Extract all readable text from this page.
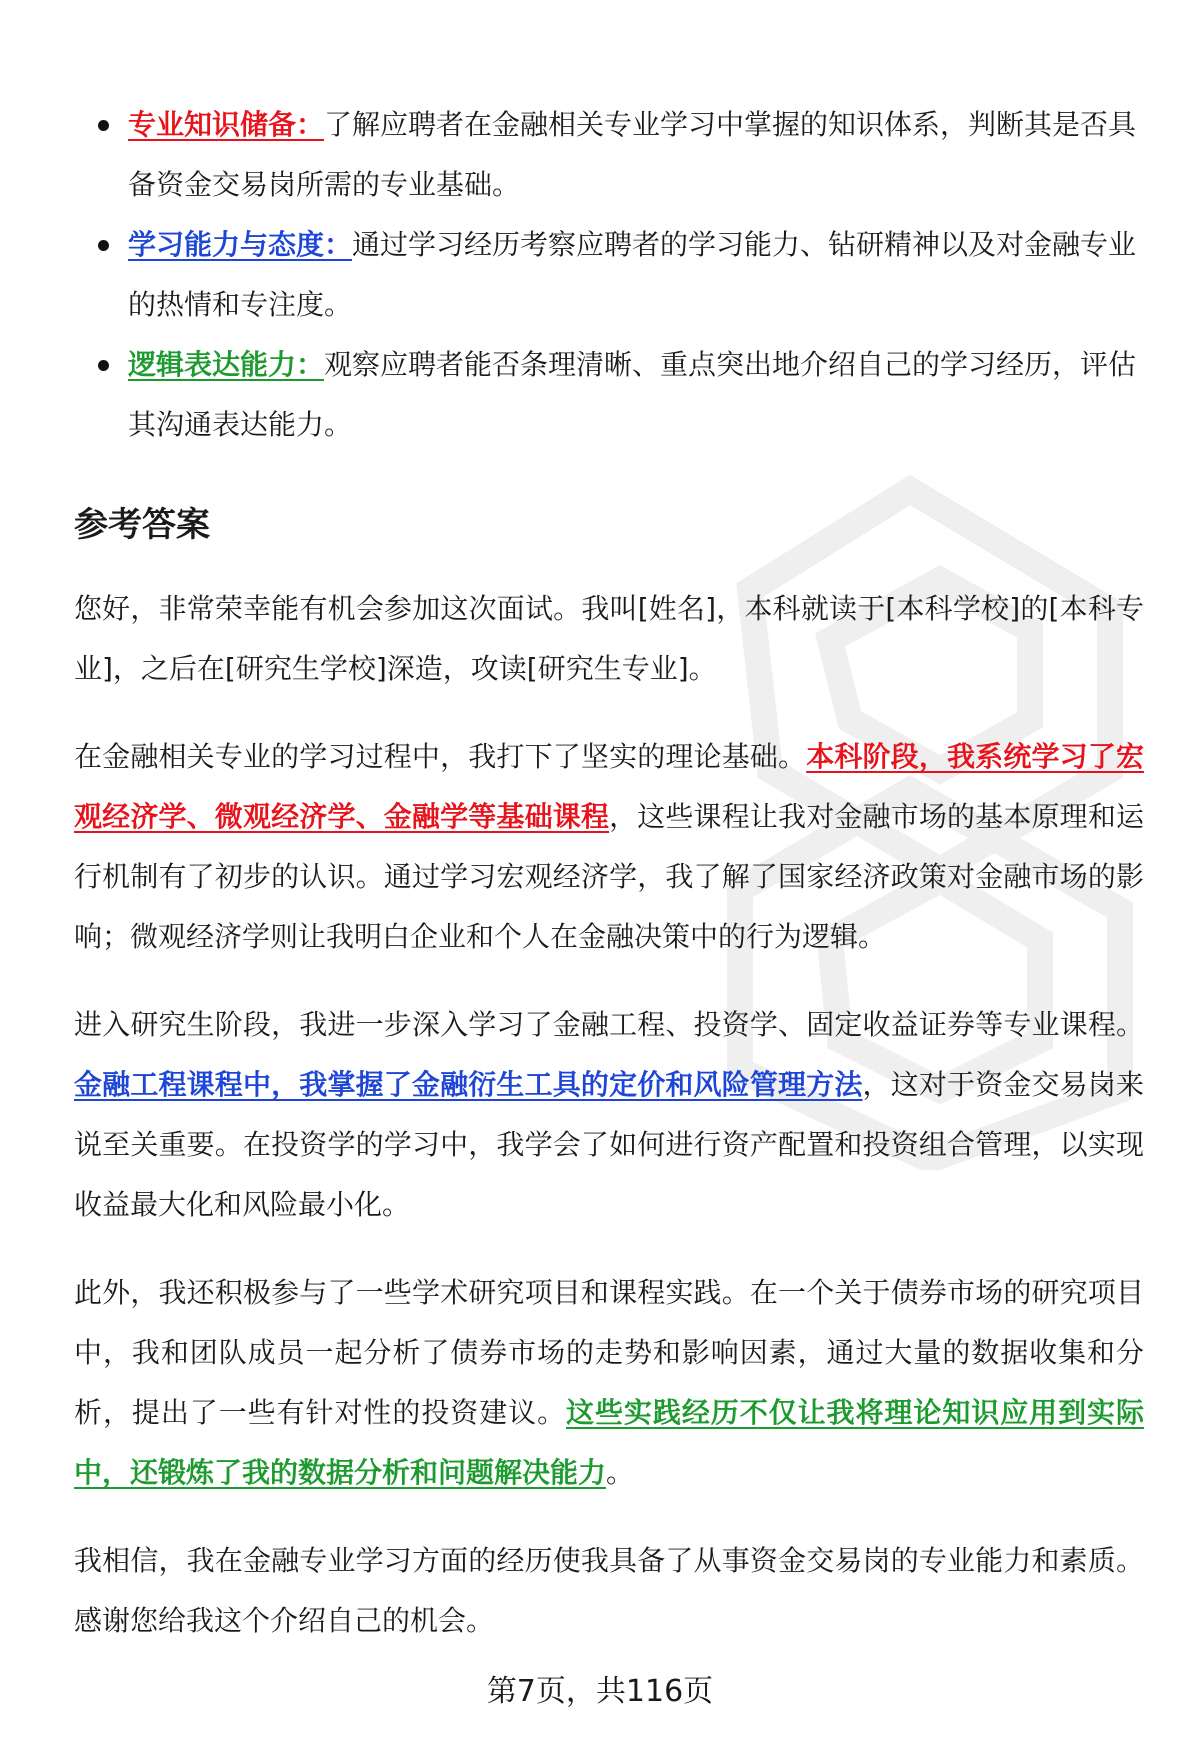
专业知识储备：了解应聘者在金融相关专业学习中掌握的知识体系，判断其是否具备资金交易岗所需的专业基础。
学习能力与态度：通过学习经历考察应聘者的学习能力、钻研精神以及对金融专业的热情和专注度。
逻辑表达能力：观察应聘者能否条理清晰、重点突出地介绍自己的学习经历，评估其沟通表达能力。
参考答案

您好，非常荣幸能有机会参加这次面试。我叫[姓名]，本科就读于[本科学校]的[本科专业]，之后在[研究生学校]深造，攻读[研究生专业]。

在金融相关专业的学习过程中，我打下了坚实的理论基础。本科阶段，我系统学习了宏观经济学、微观经济学、金融学等基础课程，这些课程让我对金融市场的基本原理和运行机制有了初步的认识。通过学习宏观经济学，我了解了国家经济政策对金融市场的影响；微观经济学则让我明白企业和个人在金融决策中的行为逻辑。

进入研究生阶段，我进一步深入学习了金融工程、投资学、固定收益证券等专业课程。金融工程课程中，我掌握了金融衍生工具的定价和风险管理方法，这对于资金交易岗来说至关重要。在投资学的学习中，我学会了如何进行资产配置和投资组合管理，以实现收益最大化和风险最小化。

此外，我还积极参与了一些学术研究项目和课程实践。在一个关于债券市场的研究项目中，我和团队成员一起分析了债券市场的走势和影响因素，通过大量的数据收集和分析，提出了一些有针对性的投资建议。这些实践经历不仅让我将理论知识应用到实际中，还锻炼了我的数据分析和问题解决能力。

我相信，我在金融专业学习方面的经历使我具备了从事资金交易岗的专业能力和素质。感谢您给我这个介绍自己的机会。

第7页，共116页
